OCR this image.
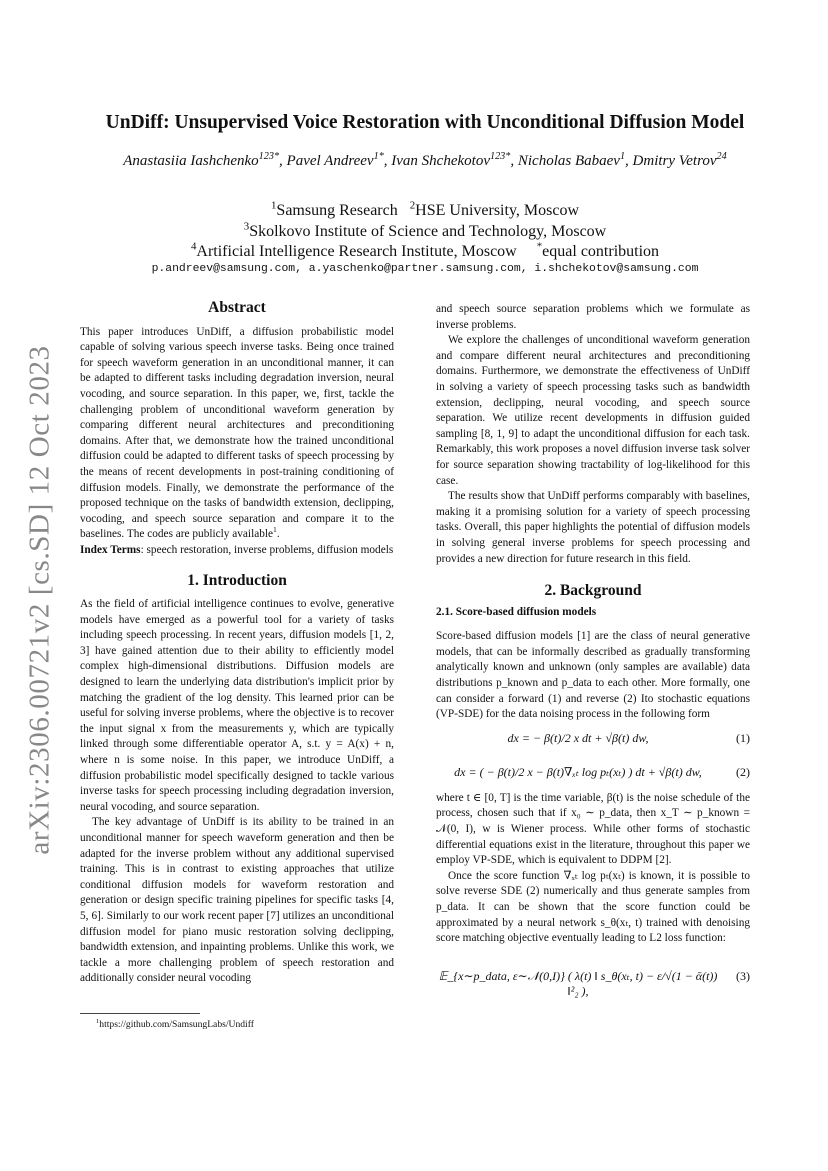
arXiv:2306.00721v2 [cs.SD] 12 Oct 2023
UnDiff: Unsupervised Voice Restoration with Unconditional Diffusion Model
Anastasiia Iashchenko$^{123*}$, Pavel Andreev$^{1*}$, Ivan Shchekotov$^{123*}$, Nicholas Babaev$^1$, Dmitry Vetrov$^{24}$
$^1$Samsung Research $^2$HSE University, Moscow
$^3$Skolkovo Institute of Science and Technology, Moscow
$^4$Artificial Intelligence Research Institute, Moscow *equal contribution
p.andreev@samsung.com, a.yaschenko@partner.samsung.com, i.shchekotov@samsung.com
Abstract

This paper introduces UnDiff, a diffusion probabilistic model capable of solving various speech inverse tasks. Being once trained for speech waveform generation in an unconditional manner, it can be adapted to different tasks including degradation inversion, neural vocoding, and source separation. In this paper, we, first, tackle the challenging problem of unconditional waveform generation by comparing different neural architectures and preconditioning domains. After that, we demonstrate how the trained unconditional diffusion could be adapted to different tasks of speech processing by the means of recent developments in post-training conditioning of diffusion models. Finally, we demonstrate the performance of the proposed technique on the tasks of bandwidth extension, declipping, vocoding, and speech source separation and compare it to the baselines. The codes are publicly available$^1$.

Index Terms: speech restoration, inverse problems, diffusion models

1. Introduction

As the field of artificial intelligence continues to evolve, generative models have emerged as a powerful tool for a variety of tasks including speech processing. In recent years, diffusion models [1, 2, 3] have gained attention due to their ability to efficiently model complex high-dimensional distributions. Diffusion models are designed to learn the underlying data distribution's implicit prior by matching the gradient of the log density. This learned prior can be useful for solving inverse problems, where the objective is to recover the input signal x from the measurements y, which are typically linked through some differentiable operator A, s.t. y = A(x) + n, where n is some noise. In this paper, we introduce UnDiff, a diffusion probabilistic model specifically designed to tackle various inverse tasks for speech processing including degradation inversion, neural vocoding, and source separation.

The key advantage of UnDiff is its ability to be trained in an unconditional manner for speech waveform generation and then be adapted for the inverse problem without any additional supervised training. This is in contrast to existing approaches that utilize conditional diffusion models for waveform restoration and generation or design specific training pipelines for specific tasks [4, 5, 6]. Similarly to our work recent paper [7] utilizes an unconditional diffusion model for piano music restoration solving declipping, bandwidth extension, and inpainting problems. Unlike this work, we tackle a more challenging problem of speech restoration and additionally consider neural vocoding

$^1$https://github.com/SamsungLabs/Undiff

and speech source separation problems which we formulate as inverse problems.

We explore the challenges of unconditional waveform generation and compare different neural architectures and preconditioning domains. Furthermore, we demonstrate the effectiveness of UnDiff in solving a variety of speech processing tasks such as bandwidth extension, declipping, neural vocoding, and speech source separation. We utilize recent developments in diffusion guided sampling [8, 1, 9] to adapt the unconditional diffusion for each task. Remarkably, this work proposes a novel diffusion inverse task solver for source separation showing tractability of log-likelihood for this case.

The results show that UnDiff performs comparably with baselines, making it a promising solution for a variety of speech processing tasks. Overall, this paper highlights the potential of diffusion models in solving general inverse problems for speech processing and provides a new direction for future research in this field.

2. Background
2.1. Score-based diffusion models

Score-based diffusion models [1] are the class of neural generative models, that can be informally described as gradually transforming analytically known and unknown (only samples are available) data distributions p_known and p_data to each other. More formally, one can consider a forward (1) and reverse (2) Ito stochastic equations (VP-SDE) for the data noising process in the following form

dx = − β(t)/2 x dt + √β(t) dw,	(1)
dx = ( − β(t)/2 x − β(t)∇ₓₜ log pₜ(xₜ) ) dt + √β(t) dw,	(2)

where t ∈ [0, T] is the time variable, β(t) is the noise schedule of the process, chosen such that if x₀ ∼ p_data, then x_T ∼ p_known = 𝒩(0, I), w is Wiener process. While other forms of stochastic differential equations exist in the literature, throughout this paper we employ VP-SDE, which is equivalent to DDPM [2].

Once the score function ∇ₓₜ log pₜ(xₜ) is known, it is possible to solve reverse SDE (2) numerically and thus generate samples from p_data. It can be shown that the score function could be approximated by a neural network s_θ(xₜ, t) trained with denoising score matching objective eventually leading to L2 loss function:

𝔼_{x∼p_data, ε∼𝒩(0,I)} ( λ(t) ‖ s_θ(xₜ, t) − ε/√(1 − ᾱ(t)) ‖²₂ ),
(3)
